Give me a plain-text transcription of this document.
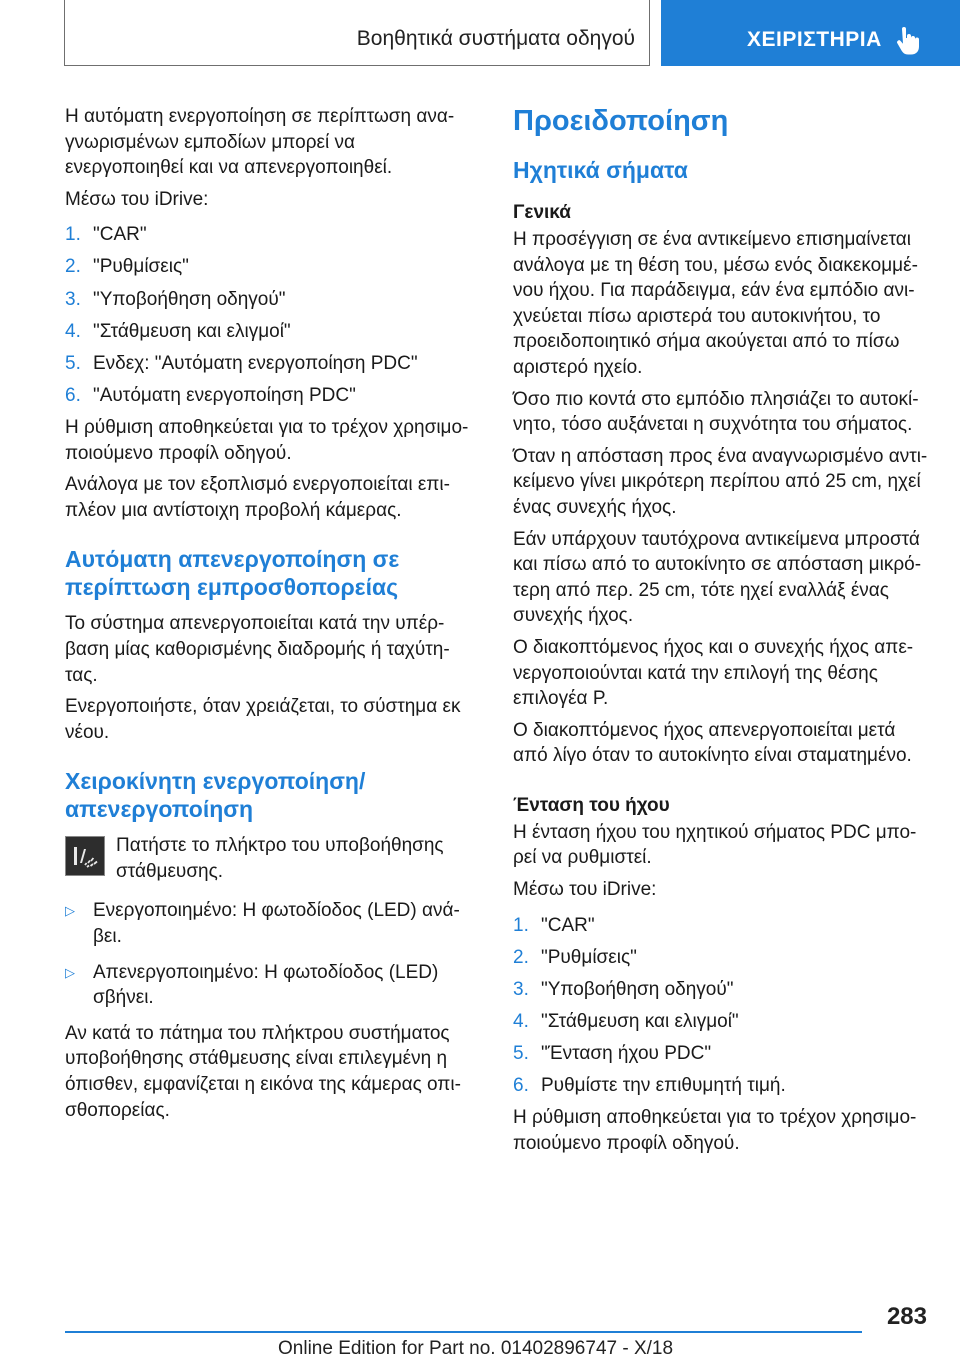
Βοηθητικά συστήματα οδηγού	ΧΕΙΡΙΣΤΗΡΙΑ

Η αυτόματη ενεργοποίηση σε περίπτωση ανα-γνωρισμένων εμποδίων μπορεί να ενεργοποιηθεί και να απενεργοποιηθεί.

Μέσω του iDrive:

1. "CAR"
2. "Ρυθμίσεις"
3. "Υποβοήθηση οδηγού"
4. "Στάθμευση και ελιγμοί"
5. Ενδεχ: "Αυτόματη ενεργοποίηση PDC"
6. "Αυτόματη ενεργοποίηση PDC"

Η ρύθμιση αποθηκεύεται για το τρέχον χρησιμο-ποιούμενο προφίλ οδηγού.

Ανάλογα με τον εξοπλισμό ενεργοποιείται επι-πλέον μια αντίστοιχη προβολή κάμερας.

Αυτόματη απενεργοποίηση σε περίπτωση εμπροσθοπορείας

Το σύστημα απενεργοποιείται κατά την υπέρ-βαση μίας καθορισμένης διαδρομής ή ταχύτη-τας.

Ενεργοποιήστε, όταν χρειάζεται, το σύστημα εκ νέου.

Χειροκίνητη ενεργοποίηση/ απενεργοποίηση
Πατήστε το πλήκτρο του υποβοήθησης στάθμευσης.
▷ Ενεργοποιημένο: Η φωτοδίοδος (LED) ανά-βει.
▷ Απενεργοποιημένο: Η φωτοδίοδος (LED) σβήνει.

Αν κατά το πάτημα του πλήκτρου συστήματος υποβοήθησης στάθμευσης είναι επιλεγμένη η όπισθεν, εμφανίζεται η εικόνα της κάμερας οπι-σθοπορείας.

Προειδοποίηση
Ηχητικά σήματα
Γενικά

Η προσέγγιση σε ένα αντικείμενο επισημαίνεται ανάλογα με τη θέση του, μέσω ενός διακεκομμέ-νου ήχου. Για παράδειγμα, εάν ένα εμπόδιο ανι-χνεύεται πίσω αριστερά του αυτοκινήτου, το προειδοποιητικό σήμα ακούγεται από το πίσω αριστερό ηχείο.

Όσο πιο κοντά στο εμπόδιο πλησιάζει το αυτοκί-νητο, τόσο αυξάνεται η συχνότητα του σήματος.

Όταν η απόσταση προς ένα αναγνωρισμένο αντι-κείμενο γίνει μικρότερη περίπου από 25 cm, ηχεί ένας συνεχής ήχος.

Εάν υπάρχουν ταυτόχρονα αντικείμενα μπροστά και πίσω από το αυτοκίνητο σε απόσταση μικρό-τερη από περ. 25 cm, τότε ηχεί εναλλάξ ένας συνεχής ήχος.

Ο διακοπτόμενος ήχος και ο συνεχής ήχος απε-νεργοποιούνται κατά την επιλογή της θέσης επιλογέα P.

Ο διακοπτόμενος ήχος απενεργοποιείται μετά από λίγο όταν το αυτοκίνητο είναι σταματημένο.

Ένταση του ήχου

Η ένταση ήχου του ηχητικού σήματος PDC μπο-ρεί να ρυθμιστεί.

Μέσω του iDrive:

1. "CAR"
2. "Ρυθμίσεις"
3. "Υποβοήθηση οδηγού"
4. "Στάθμευση και ελιγμοί"
5. "Ένταση ήχου PDC"
6. Ρυθμίστε την επιθυμητή τιμή.

Η ρύθμιση αποθηκεύεται για το τρέχον χρησιμο-ποιούμενο προφίλ οδηγού.

283
Online Edition for Part no. 01402896747 - X/18
